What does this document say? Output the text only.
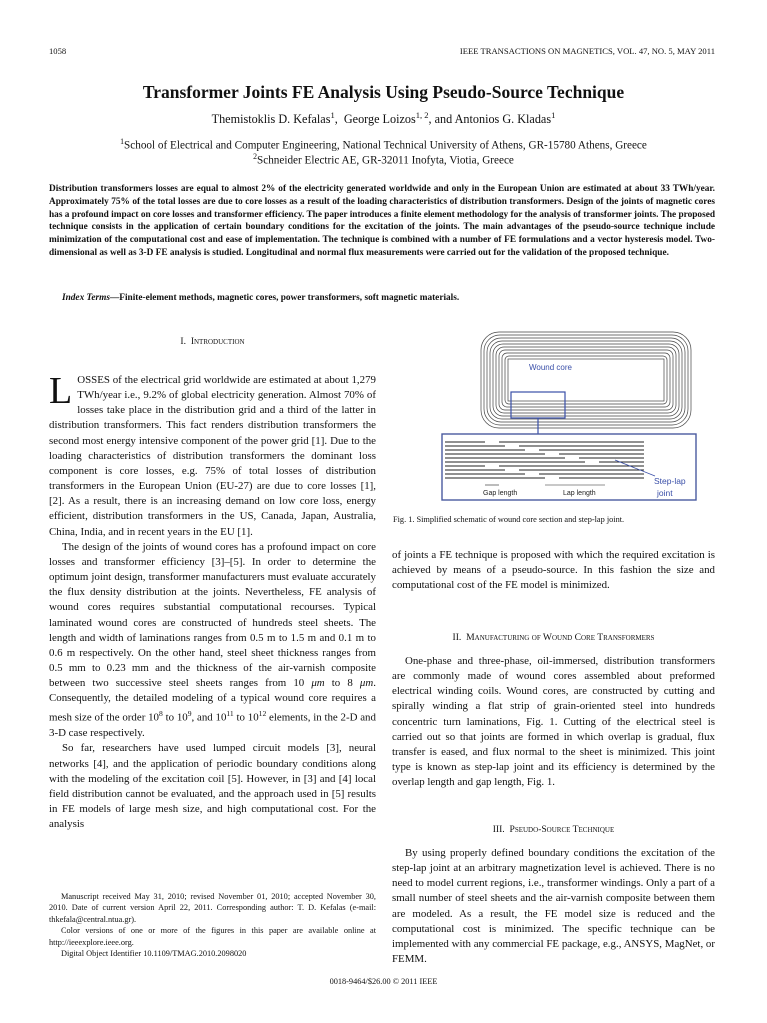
1058	IEEE TRANSACTIONS ON MAGNETICS, VOL. 47, NO. 5, MAY 2011
Transformer Joints FE Analysis Using Pseudo-Source Technique
Themistoklis D. Kefalas$^1$,  George Loizos$^{1, 2}$, and Antonios G. Kladas$^1$
$^1$School of Electrical and Computer Engineering, National Technical University of Athens, GR-15780 Athens, Greece
$^2$Schneider Electric AE, GR-32011 Inofyta, Viotia, Greece
Distribution transformers losses are equal to almost 2% of the electricity generated worldwide and only in the European Union are estimated at about 33 TWh/year. Approximately 75% of the total losses are due to core losses as a result of the loading characteristics of distribution transformers. Design of the joints of magnetic cores has a profound impact on core losses and transformer efficiency. The paper introduces a finite element methodology for the analysis of transformer joints. The proposed technique consists in the application of certain boundary conditions for the excitation of the joints. The main advantages of the pseudo-source technique include minimization of the computational cost and ease of implementation. The technique is combined with a number of FE formulations and a vector hysteresis model. Two-dimensional as well as 3-D FE analysis is studied. Longitudinal and normal flux measurements were carried out for the validation of the proposed technique.
Index Terms—Finite-element methods, magnetic cores, power transformers, soft magnetic materials.
I. Introduction

LOSSES of the electrical grid worldwide are estimated at about 1,279 TWh/year i.e., 9.2% of global electricity generation. Almost 70% of losses take place in the distribution grid and a third of the latter in distribution transformers. This fact renders distribution transformers the second most energy intensive component of the power grid [1]. Due to the loading characteristics of distribution transformers the dominant loss component is core losses, e.g. 75% of total losses of distribution transformers in the European Union (EU-27) are due to core losses [1], [2]. As a result, there is an increasing demand on low core loss, energy efficient, distribution transformers in the US, Canada, Japan, Australia, China, India, and in recent years in the EU [1].

The design of the joints of wound cores has a profound impact on core losses and transformer efficiency [3]–[5]. In order to determine the optimum joint design, transformer manufacturers must evaluate accurately the flux density distribution at the joints. Nevertheless, FE analysis of wound cores requires substantial computational recourses. Typical laminated wound cores are constructed of hundreds steel sheets. The length and width of laminations ranges from 0.5 m to 1.5 m and 0.1 m to 0.6 m respectively. On the other hand, steel sheet thickness ranges from 0.5 mm to 0.23 mm and the thickness of the air-varnish composite between two successive steel sheets ranges from 10 μm to 8 μm. Consequently, the detailed modeling of a typical wound core requires a mesh size of the order $10^8$ to $10^9$, and $10^{11}$ to $10^{12}$ elements, in the 2-D and 3-D case respectively.

So far, researchers have used lumped circuit models [3], neural networks [4], and the application of periodic boundary conditions along with the modeling of the excitation coil [5]. However, in [3] and [4] local field distribution cannot be evaluated, and the approach used in [5] results in FE models of large mesh size, and high computational cost. For the analysis

Manuscript received May 31, 2010; revised November 01, 2010; accepted November 30, 2010. Date of current version April 22, 2011. Corresponding author: T. D. Kefalas (e-mail: thkefala@central.ntua.gr).

Color versions of one or more of the figures in this paper are available online at http://ieeexplore.ieee.org.

Digital Object Identifier 10.1109/TMAG.2010.2098020

Wound core
Gap length	Lap length
Step-lap
joint
Fig. 1. Simplified schematic of wound core section and step-lap joint.

of joints a FE technique is proposed with which the required excitation is achieved by means of a pseudo-source. In this fashion the size and computational cost of the FE model is minimized.

II. Manufacturing of Wound Core Transformers

One-phase and three-phase, oil-immersed, distribution transformers are commonly made of wound cores assembled about preformed electrical winding coils. Wound cores, are constructed by cutting and spirally winding a flat strip of grain-oriented steel into hundreds concentric turn laminations, Fig. 1. Cutting of the electrical steel is carried out so that joints are formed in which overlap is gradual, flux transfer is eased, and flux normal to the sheet is minimized. This joint type is known as step-lap joint and its efficiency is determined by the overlap length and gap length, Fig. 1.

III. Pseudo-Source Technique

By using properly defined boundary conditions the excitation of the step-lap joint at an arbitrary magnetization level is achieved. There is no need to model current regions, i.e., transformer windings. Only a part of a small number of steel sheets and the air-varnish composite between them are modeled. As a result, the FE model size is reduced and the computational cost is minimized. The specific technique can be implemented with any commercial FE package, e.g., ANSYS, MagNet, or FEMM.

0018-9464/$26.00 © 2011 IEEE
